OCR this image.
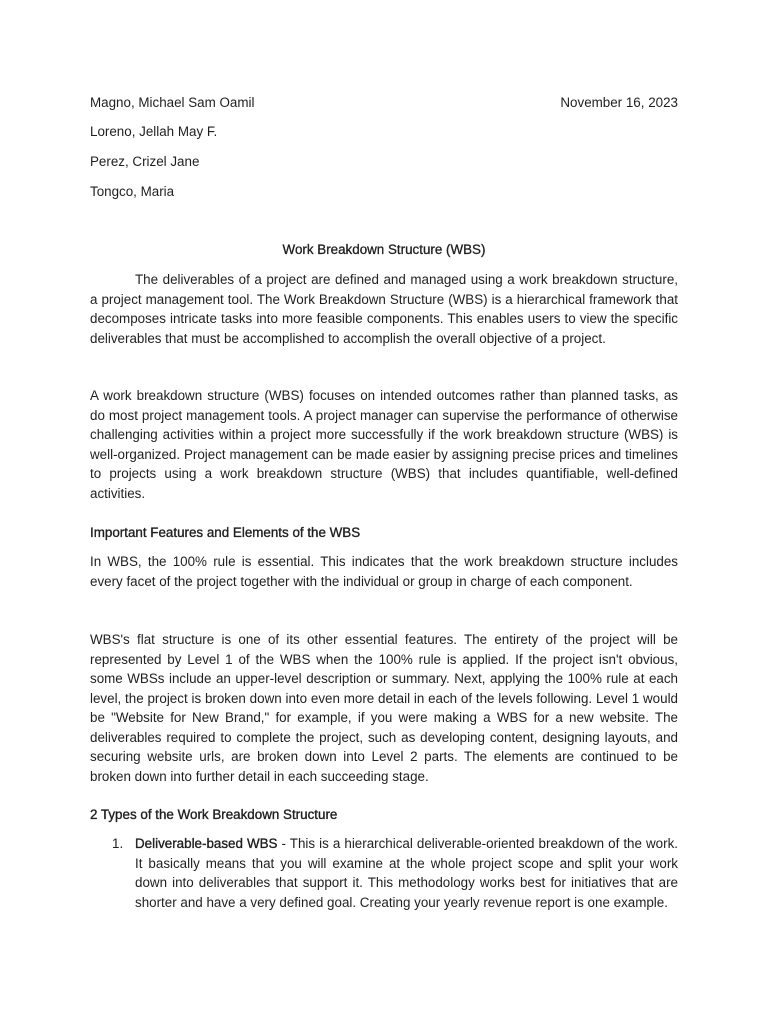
Magno, Michael Sam Oamil
Loreno, Jellah May F.
Perez, Crizel Jane
Tongco, Maria
November 16, 2023
Work Breakdown Structure (WBS)

The deliverables of a project are defined and managed using a work breakdown structure, a project management tool. The Work Breakdown Structure (WBS) is a hierarchical framework that decomposes intricate tasks into more feasible components. This enables users to view the specific deliverables that must be accomplished to accomplish the overall objective of a project.

A work breakdown structure (WBS) focuses on intended outcomes rather than planned tasks, as do most project management tools. A project manager can supervise the performance of otherwise challenging activities within a project more successfully if the work breakdown structure (WBS) is well-organized. Project management can be made easier by assigning precise prices and timelines to projects using a work breakdown structure (WBS) that includes quantifiable, well-defined activities.

Important Features and Elements of the WBS

In WBS, the 100% rule is essential. This indicates that the work breakdown structure includes every facet of the project together with the individual or group in charge of each component.

WBS's flat structure is one of its other essential features. The entirety of the project will be represented by Level 1 of the WBS when the 100% rule is applied. If the project isn't obvious, some WBSs include an upper-level description or summary. Next, applying the 100% rule at each level, the project is broken down into even more detail in each of the levels following. Level 1 would be "Website for New Brand," for example, if you were making a WBS for a new website. The deliverables required to complete the project, such as developing content, designing layouts, and securing website urls, are broken down into Level 2 parts. The elements are continued to be broken down into further detail in each succeeding stage.

2 Types of the Work Breakdown Structure
1. Deliverable-based WBS - This is a hierarchical deliverable-oriented breakdown of the work. It basically means that you will examine at the whole project scope and split your work down into deliverables that support it. This methodology works best for initiatives that are shorter and have a very defined goal. Creating your yearly revenue report is one example.
